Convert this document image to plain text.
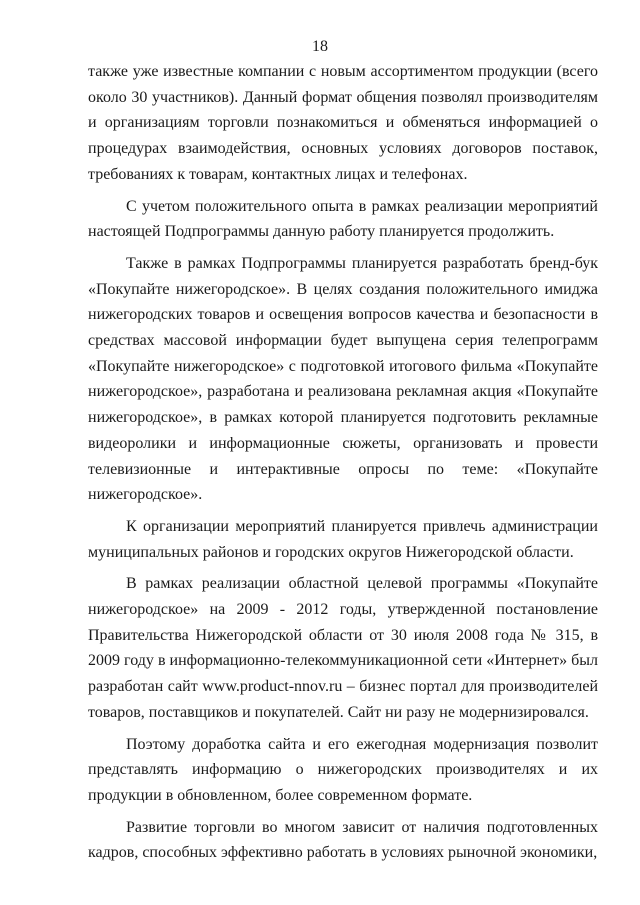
18

также уже известные компании с новым ассортиментом продукции (всего около 30 участников). Данный формат общения позволял производителям и организациям торговли познакомиться и обменяться информацией о процедурах взаимодействия, основных условиях договоров поставок, требованиях к товарам, контактных лицах и телефонах.

С учетом положительного опыта в рамках реализации мероприятий настоящей Подпрограммы данную работу планируется продолжить.

Также в рамках Подпрограммы планируется разработать бренд-бук «Покупайте нижегородское». В целях создания положительного имиджа нижегородских товаров и освещения вопросов качества и безопасности в средствах массовой информации будет выпущена серия телепрограмм «Покупайте нижегородское» с подготовкой итогового фильма «Покупайте нижегородское», разработана и реализована рекламная акция «Покупайте нижегородское», в рамках которой планируется подготовить рекламные видеоролики и информационные сюжеты, организовать и провести телевизионные и интерактивные опросы по теме: «Покупайте нижегородское».

К организации мероприятий планируется привлечь администрации муниципальных районов и городских округов Нижегородской области.

В рамках реализации областной целевой программы «Покупайте нижегородское» на 2009 - 2012 годы, утвержденной постановление Правительства Нижегородской области от 30 июля 2008 года № 315, в 2009 году в информационно-телекоммуникационной сети «Интернет» был разработан сайт www.product-nnov.ru – бизнес портал для производителей товаров, поставщиков и покупателей. Сайт ни разу не модернизировался.

Поэтому доработка сайта и его ежегодная модернизация позволит представлять информацию о нижегородских производителях и их продукции в обновленном, более современном формате.

Развитие торговли во многом зависит от наличия подготовленных кадров, способных эффективно работать в условиях рыночной экономики,
